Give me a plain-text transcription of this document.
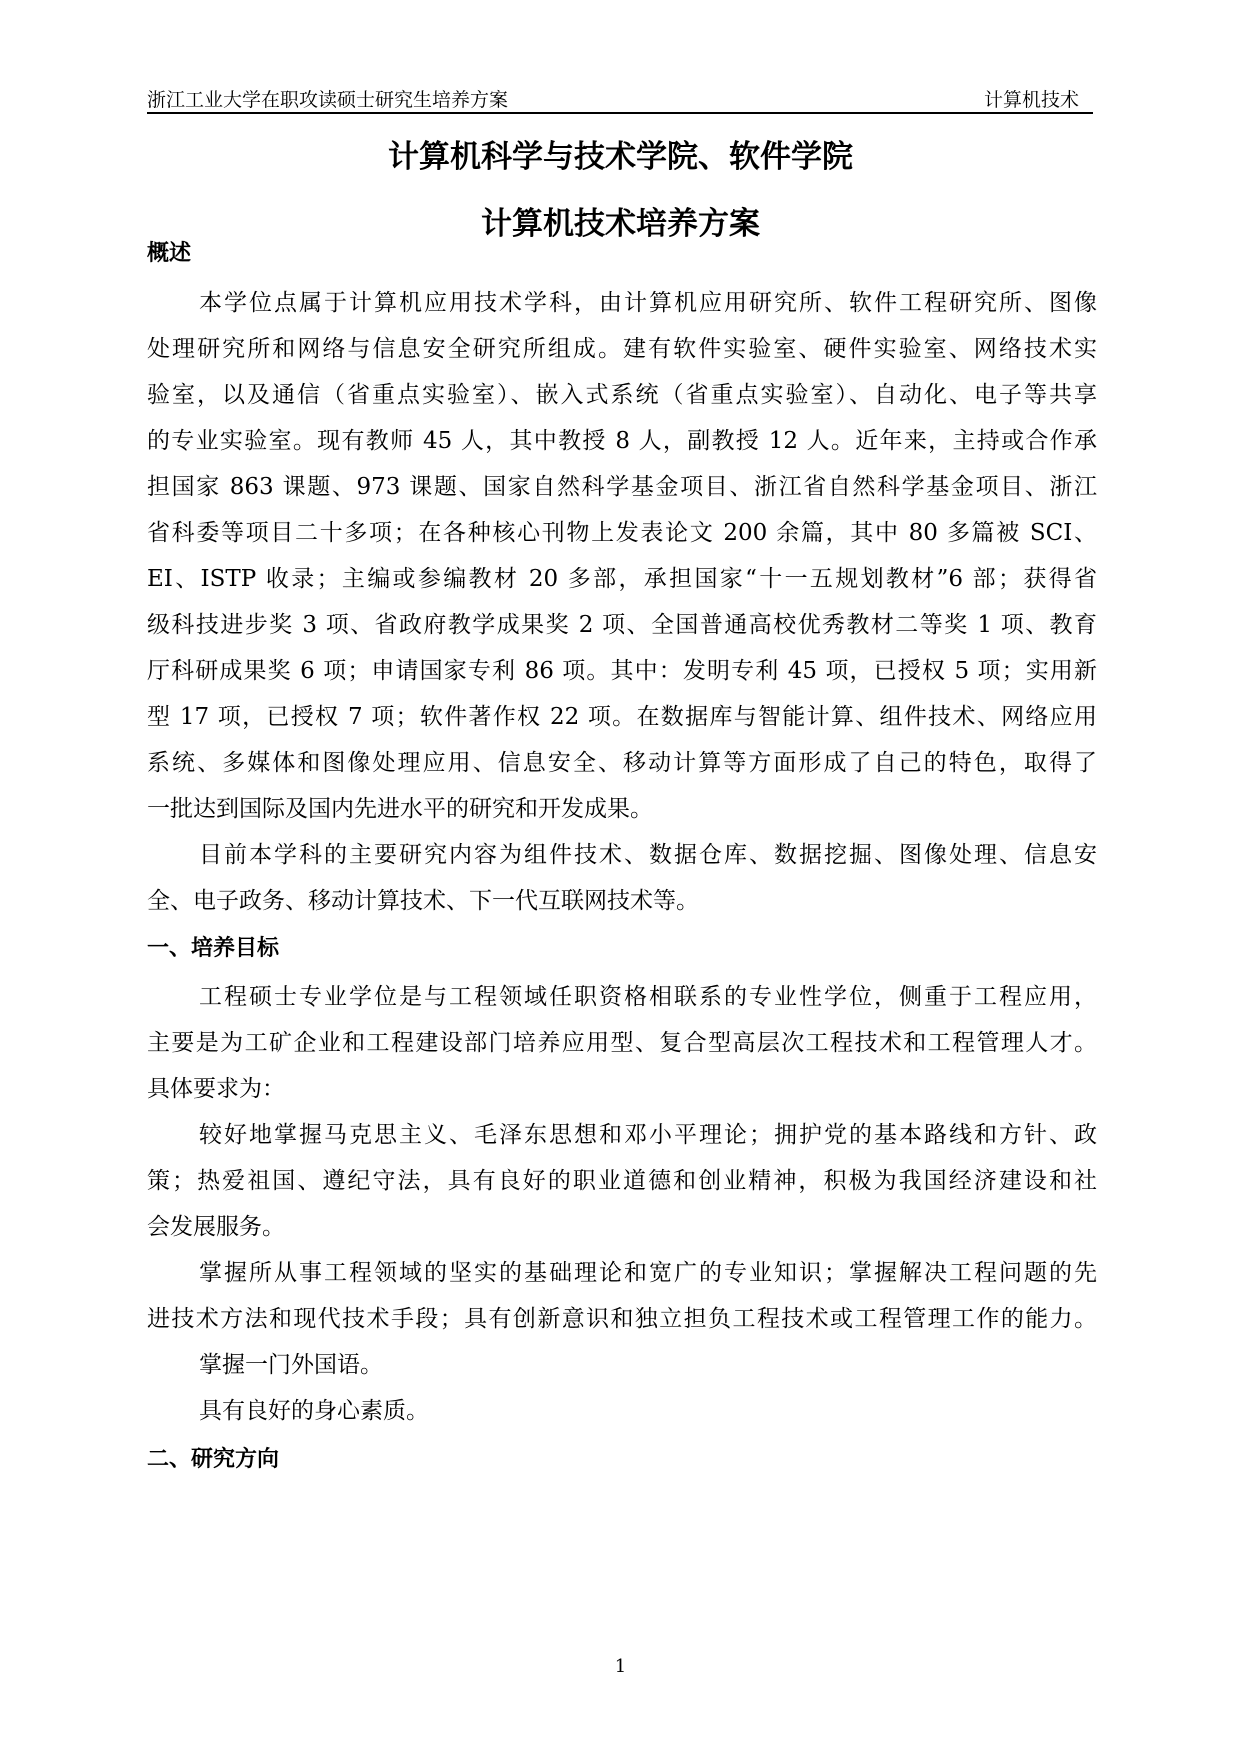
浙江工业大学在职攻读硕士研究生培养方案	计算机技术
计算机科学与技术学院、软件学院
计算机技术培养方案
概述
本学位点属于计算机应用技术学科，由计算机应用研究所、软件工程研究所、图像
处理研究所和网络与信息安全研究所组成。建有软件实验室、硬件实验室、网络技术实
验室，以及通信（省重点实验室）、嵌入式系统（省重点实验室）、自动化、电子等共享
的专业实验室。现有教师 45 人，其中教授 8 人，副教授 12 人。近年来，主持或合作承
担国家 863 课题、973 课题、国家自然科学基金项目、浙江省自然科学基金项目、浙江
省科委等项目二十多项；在各种核心刊物上发表论文 200 余篇，其中 80 多篇被 SCI、
EI、ISTP 收录；主编或参编教材 20 多部，承担国家“十一五规划教材”6 部；获得省
级科技进步奖 3 项、省政府教学成果奖 2 项、全国普通高校优秀教材二等奖 1 项、教育
厅科研成果奖 6 项；申请国家专利 86 项。其中：发明专利 45 项，已授权 5 项；实用新
型 17 项，已授权 7 项；软件著作权 22 项。在数据库与智能计算、组件技术、网络应用
系统、多媒体和图像处理应用、信息安全、移动计算等方面形成了自己的特色，取得了
一批达到国际及国内先进水平的研究和开发成果。
目前本学科的主要研究内容为组件技术、数据仓库、数据挖掘、图像处理、信息安
全、电子政务、移动计算技术、下一代互联网技术等。
一、培养目标
工程硕士专业学位是与工程领域任职资格相联系的专业性学位，侧重于工程应用，
主要是为工矿企业和工程建设部门培养应用型、复合型高层次工程技术和工程管理人才。
具体要求为：
较好地掌握马克思主义、毛泽东思想和邓小平理论；拥护党的基本路线和方针、政
策；热爱祖国、遵纪守法，具有良好的职业道德和创业精神，积极为我国经济建设和社
会发展服务。
掌握所从事工程领域的坚实的基础理论和宽广的专业知识；掌握解决工程问题的先
进技术方法和现代技术手段；具有创新意识和独立担负工程技术或工程管理工作的能力。
掌握一门外国语。
具有良好的身心素质。
二、研究方向
1
